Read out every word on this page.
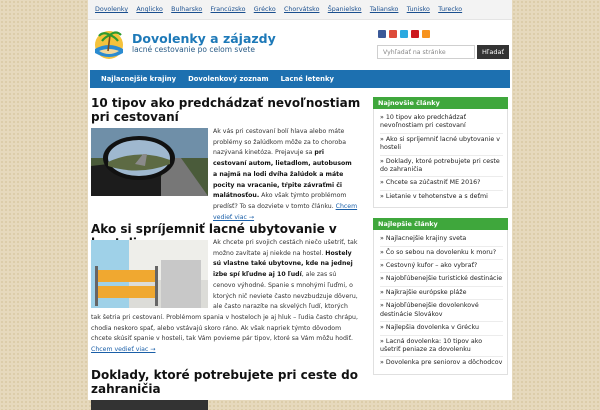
Dovolenky Anglicko Bulharsko Francúzsko Grécko Chorvátsko Španielsko Taliansko Tunisko Turecko
Dovolenky a zájazdy
lacné cestovanie po celom svete	Vyhľadať na stránke	Hľadať
Najlacnejšie krajiny	Dovolenkový zoznam	Lacné letenky
10 tipov ako predchádzať nevoľnostiam pri cestovaní

Ak vás pri cestovaní bolí hlava alebo máte problémy so žalúdkom môže za to choroba nazývaná kinetóza. Prejavuje sa pri cestovaní autom, lietadlom, autobusom a najmä na lodi dvíha žalúdok a máte pocity na vracanie, tŕpite závraťmi či malátnosťou. Ako však týmto problémom predísť? To sa dozviete v tomto článku. Chcem vedieť viac →

Ako si spríjemniť lacné ubytovanie v

Ak chcete pri svojich cestách niečo ušetriť, tak možno zavítate aj niekde na hostel. Hostely sú vlastne také ubytovne, kde na jednej izbe spí kľudne aj 10 ľudí, ale zas sú cenovo výhodné. Spanie s mnohými ľuďmi, o ktorých nič neviete často nevzbudzuje dôveru, ale často narazíte na skvelých ľudí, ktorých tak šetria pri cestovaní. Problémom spania v hosteloch je aj hluk – ľudia často chrápu, chodia neskoro spať, alebo vstávajú skoro ráno. Ak však napriek týmto dôvodom chcete skúsiť spanie v hosteli, tak Vám povieme pár tipov, ktoré sa Vám môžu hodiť. Chcem vedieť viac →

Doklady, ktoré potrebujete pri ceste do zahraničia
Najnovšie články
» 10 tipov ako predchádzať nevoľnostiam pri cestovaní
» Ako si spríjemniť lacné ubytovanie v hosteli
» Doklady, ktoré potrebujete pri ceste do zahraničia
» Chcete sa zúčastniť ME 2016?
» Lietanie v tehotenstve a s deťmi
Najlepšie články
» Najlacnejšie krajiny sveta
» Čo so sebou na dovolenku k moru?
» Cestovný kufor – ako vybrať?
» Najobľúbenejšie turistické destinácie
» Najkrajšie európske pláže
» Najobľúbenejšie dovolenkové destinácie Slovákov
» Najlepšia dovolenka v Grécku
» Lacná dovolenka: 10 tipov ako ušetriť peniaze za dovolenku
» Dovolenka pre seniorov a dôchodcov
